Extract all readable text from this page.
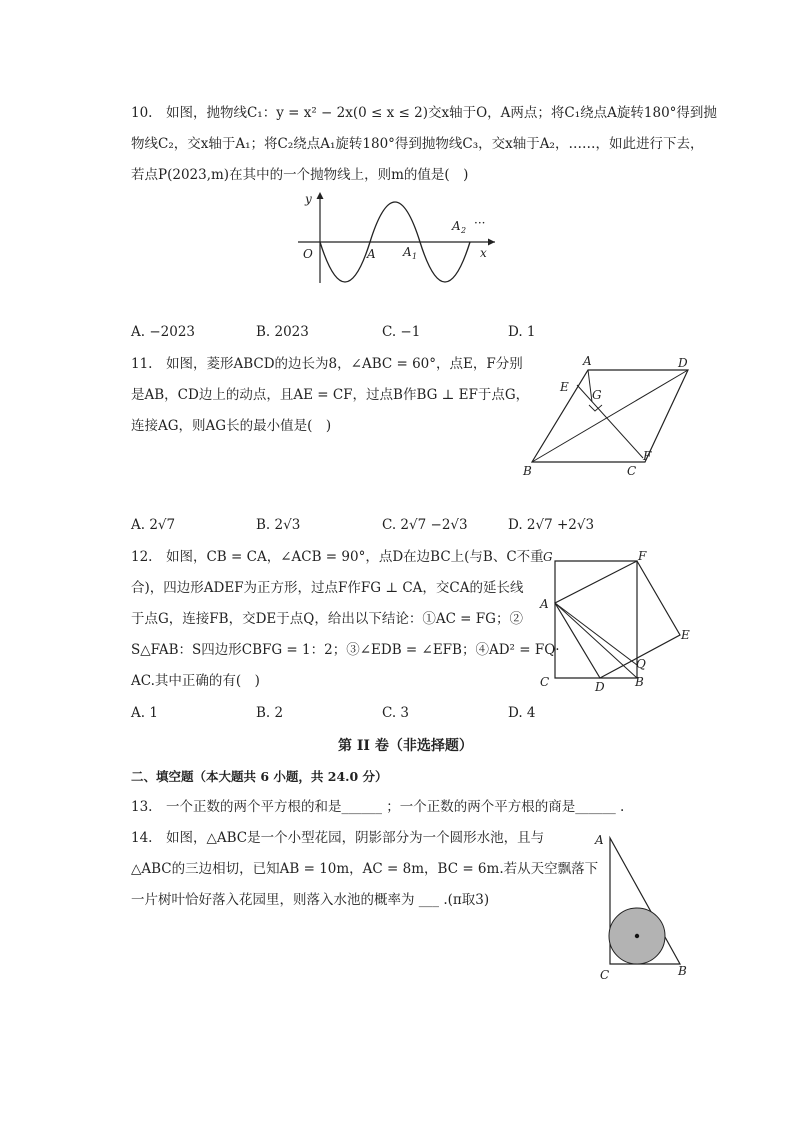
10.　如图，抛物线C₁：y = x² − 2x(0 ≤ x ≤ 2)交x轴于O，A两点；将C₁绕点A旋转180°得到抛
物线C₂，交x轴于A₁；将C₂绕点A₁旋转180°得到抛物线C₃，交x轴于A₂，……，如此进行下去，
若点P(2023,m)在其中的一个抛物线上，则m的值是(　)
y
O	A A 1
A 2
···
x
A. −2023	B. 2023	C. −1	D. 1
11.　如图，菱形ABCD的边长为8，∠ABC = 60°，点E，F分别
是AB，CD边上的动点，且AE = CF，过点B作BG ⊥ EF于点G，
连接AG，则AG长的最小值是(　)
A	D
E
G
B	C
F
A. 2√7	B. 2√3	C. 2√7 −2√3	D. 2√7 +2√3
12.　如图，CB = CA，∠ACB = 90°，点D在边BC上(与B、C不重
合)，四边形ADEF为正方形，过点F作FG ⊥ CA，交CA的延长线
于点G，连接FB，交DE于点Q，给出以下结论：①AC = FG；②
S△FAB：S四边形CBFG = 1：2；③∠EDB = ∠EFB；④AD² = FQ·
AC.其中正确的有(　)
G	F
A
E
Q
C	D	B
A. 1	B. 2	C. 3	D. 4
第 II 卷（非选择题）
二、填空题（本大题共 6 小题，共 24.0 分）
13.　一个正数的两个平方根的和是______ ；一个正数的两个平方根的商是______ .
14.　如图，△ABC是一个小型花园，阴影部分为一个圆形水池，且与
△ABC的三边相切，已知AB = 10m，AC = 8m，BC = 6m.若从天空飘落下
一片树叶恰好落入花园里，则落入水池的概率为 ___ .(π取3)
A
C	B
